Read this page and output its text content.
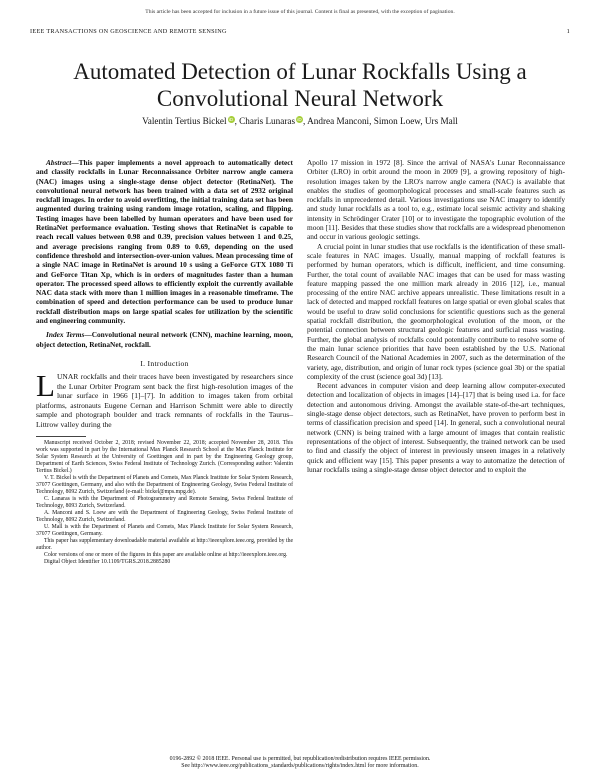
This article has been accepted for inclusion in a future issue of this journal. Content is final as presented, with the exception of pagination.
IEEE TRANSACTIONS ON GEOSCIENCE AND REMOTE SENSING	1
Automated Detection of Lunar Rockfalls Using a Convolutional Neural Network
Valentin Tertius Bickel iD, Charis Lunaras iD, Andrea Manconi, Simon Loew, Urs Mall

Abstract—This paper implements a novel approach to automatically detect and classify rockfalls in Lunar Reconnaissance Orbiter narrow angle camera (NAC) images using a single-stage dense object detector (RetinaNet). The convolutional neural network has been trained with a data set of 2932 original rockfall images. In order to avoid overfitting, the initial training data set has been augmented during training using random image rotation, scaling, and flipping. Testing images have been labelled by human operators and have been used for RetinaNet performance evaluation. Testing shows that RetinaNet is capable to reach recall values between 0.98 and 0.39, precision values between 1 and 0.25, and average precisions ranging from 0.89 to 0.69, depending on the used confidence threshold and intersection-over-union values. Mean processing time of a single NAC image in RetinaNet is around 10 s using a GeForce GTX 1080 Ti and GeForce Titan Xp, which is in orders of magnitudes faster than a human operator. The processed speed allows to efficiently exploit the currently available NAC data stack with more than 1 million images in a reasonable timeframe. The combination of speed and detection performance can be used to produce lunar rockfall distribution maps on large spatial scales for utilization by the scientific and engineering community.

Index Terms—Convolutional neural network (CNN), machine learning, moon, object detection, RetinaNet, rockfall.

I. Introduction

LUNAR rockfalls and their traces have been investigated by researchers since the Lunar Orbiter Program sent back the first high-resolution images of the lunar surface in 1966 [1]–[7]. In addition to images taken from orbital platforms, astronauts Eugene Cernan and Harrison Schmitt were able to directly sample and photograph boulder and track remnants of rockfalls in the Taurus–Littrow valley during the

Manuscript received October 2, 2018; revised November 22, 2018; accepted November 28, 2018. This work was supported in part by the International Max Planck Research School at the Max Planck Institute for Solar System Research at the University of Goettingen and in part by the Engineering Geology group, Department of Earth Sciences, Swiss Federal Institute of Technology Zurich. (Corresponding author: Valentin Tertius Bickel.)

V. T. Bickel is with the Department of Planets and Comets, Max Planck Institute for Solar System Research, 37077 Goettingen, Germany, and also with the Department of Engineering Geology, Swiss Federal Institute of Technology, 8092 Zurich, Switzerland (e-mail: bickel@mps.mpg.de).

C. Lanaras is with the Department of Photogrammetry and Remote Sensing, Swiss Federal Institute of Technology, 8093 Zurich, Switzerland.

A. Manconi and S. Loew are with the Department of Engineering Geology, Swiss Federal Institute of Technology, 8092 Zurich, Switzerland.

U. Mall is with the Department of Planets and Comets, Max Planck Institute for Solar System Research, 37077 Goettingen, Germany.

This paper has supplementary downloadable material available at http://ieeexplore.ieee.org, provided by the author.

Color versions of one or more of the figures in this paper are available online at http://ieeexplore.ieee.org.

Digital Object Identifier 10.1109/TGRS.2018.2885280

Apollo 17 mission in 1972 [8]. Since the arrival of NASA's Lunar Reconnaissance Orbiter (LRO) in orbit around the moon in 2009 [9], a growing repository of high-resolution images taken by the LRO's narrow angle camera (NAC) is available that enables the studies of geomorphological processes and small-scale features such as rockfalls in unprecedented detail. Various investigations use NAC imagery to identify and study lunar rockfalls as a tool to, e.g., estimate local seismic activity and shaking intensity in Schrödinger Crater [10] or to investigate the topographic evolution of the moon [11]. Besides that these studies show that rockfalls are a widespread phenomenon and occur in various geologic settings.

A crucial point in lunar studies that use rockfalls is the identification of these small-scale features in NAC images. Usually, manual mapping of rockfall features is performed by human operators, which is difficult, inefficient, and time consuming. Further, the total count of available NAC images that can be used for mass wasting feature mapping passed the one million mark already in 2016 [12], i.e., manual processing of the entire NAC archive appears unrealistic. These limitations result in a lack of detected and mapped rockfall features on large spatial or even global scales that would be useful to draw solid conclusions for scientific questions such as the general spatial rockfall distribution, the geomorphological evolution of the moon, or the potential connection between structural geologic features and surficial mass wasting. Further, the global analysis of rockfalls could potentially contribute to resolve some of the main lunar science priorities that have been established by the U.S. National Research Council of the National Academies in 2007, such as the determination of the variety, age, distribution, and origin of lunar rock types (science goal 3b) or the spatial complexity of the crust (science goal 3d) [13].

Recent advances in computer vision and deep learning allow computer-executed detection and localization of objects in images [14]–[17] that is being used i.a. for face detection and autonomous driving. Amongst the available state-of-the-art techniques, single-stage dense object detectors, such as RetinaNet, have proven to perform best in terms of classification precision and speed [14]. In general, such a convolutional neural network (CNN) is being trained with a large amount of images that contain realistic representations of the object of interest. Subsequently, the trained network can be used to find and classify the object of interest in previously unseen images in a relatively quick and efficient way [15]. This paper presents a way to automatize the detection of lunar rockfalls using a single-stage dense object detector and to exploit the

0196-2892 © 2018 IEEE. Personal use is permitted, but republication/redistribution requires IEEE permission.
See http://www.ieee.org/publications_standards/publications/rights/index.html for more information.
